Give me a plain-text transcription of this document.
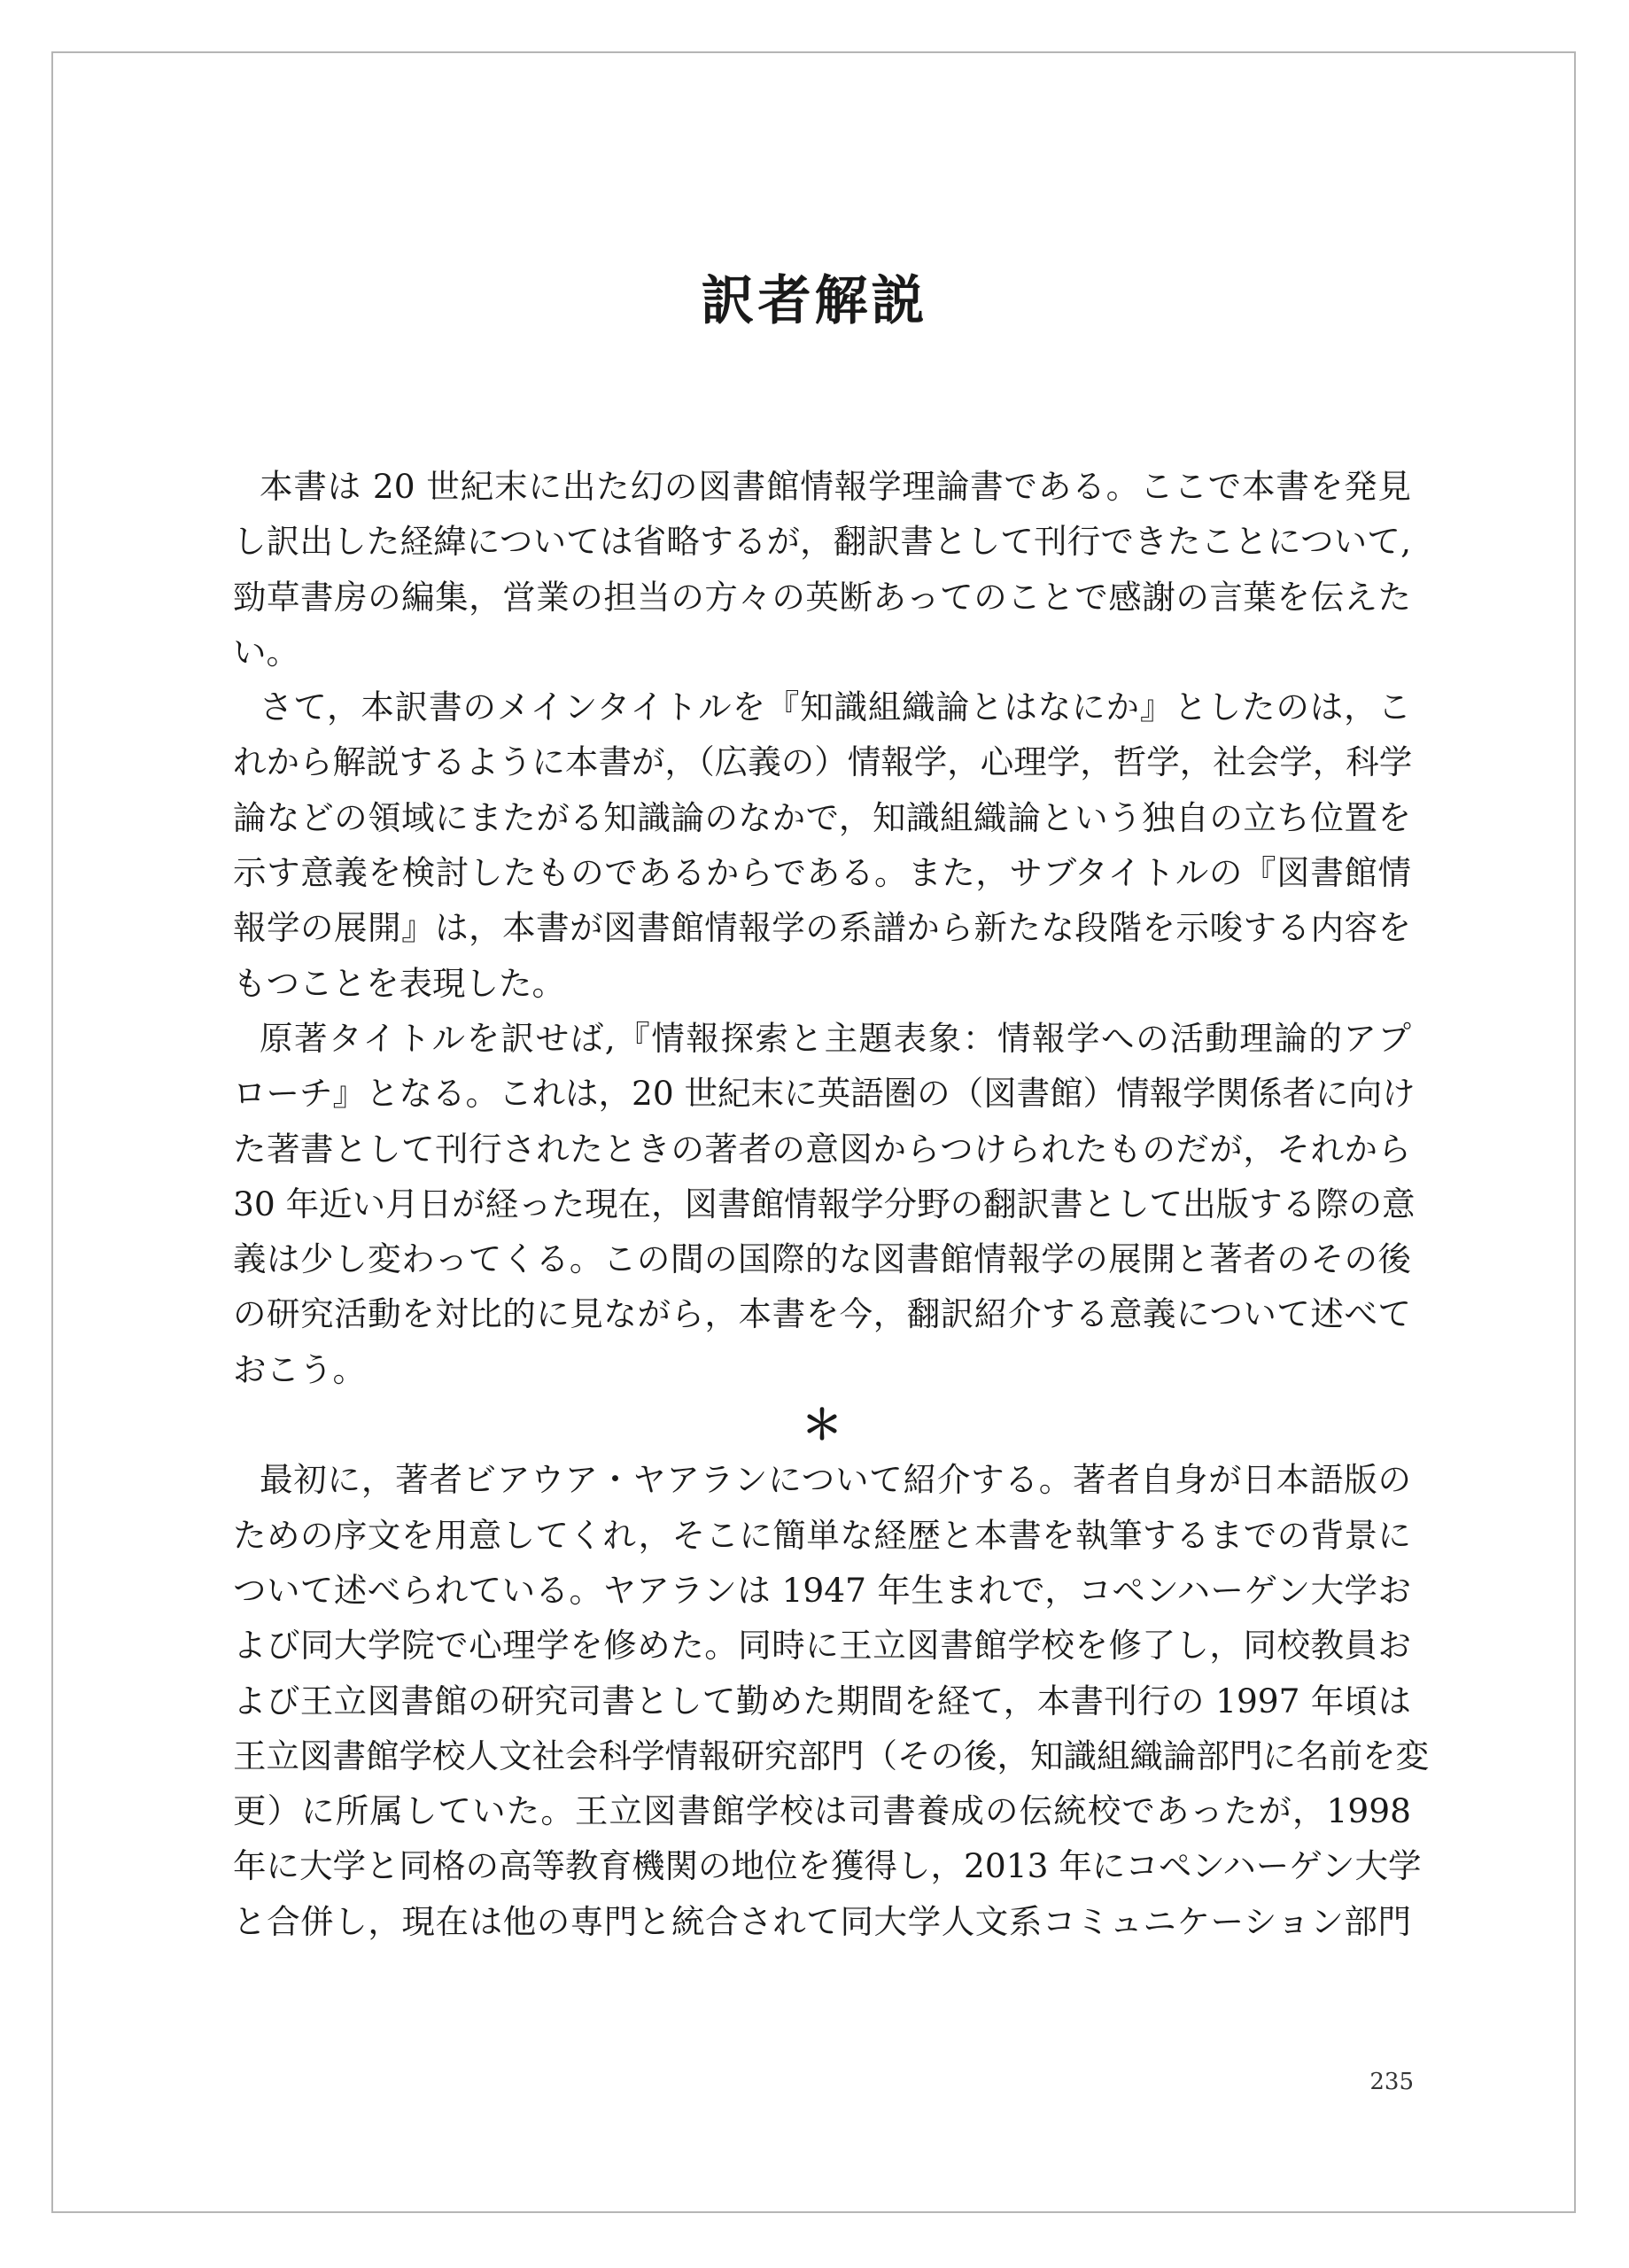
訳者解説
本書は 20 世紀末に出た幻の図書館情報学理論書である。ここで本書を発見
し訳出した経緯については省略するが，翻訳書として刊行できたことについて,
勁草書房の編集，営業の担当の方々の英断あってのことで感謝の言葉を伝えた
い。
さて，本訳書のメインタイトルを『知識組織論とはなにか』としたのは，こ
れから解説するように本書が，（広義の）情報学，心理学，哲学，社会学，科学
論などの領域にまたがる知識論のなかで，知識組織論という独自の立ち位置を
示す意義を検討したものであるからである。また，サブタイトルの『図書館情
報学の展開』は，本書が図書館情報学の系譜から新たな段階を示唆する内容を
もつことを表現した。
原著タイトルを訳せば,『情報探索と主題表象：情報学への活動理論的アプ
ローチ』となる。これは，20 世紀末に英語圏の（図書館）情報学関係者に向け
た著書として刊行されたときの著者の意図からつけられたものだが，それから
30 年近い月日が経った現在，図書館情報学分野の翻訳書として出版する際の意
義は少し変わってくる。この間の国際的な図書館情報学の展開と著者のその後
の研究活動を対比的に見ながら，本書を今，翻訳紹介する意義について述べて
おこう。
＊
最初に，著者ビアウア・ヤアランについて紹介する。著者自身が日本語版の
ための序文を用意してくれ，そこに簡単な経歴と本書を執筆するまでの背景に
ついて述べられている。ヤアランは 1947 年生まれで，コペンハーゲン大学お
よび同大学院で心理学を修めた。同時に王立図書館学校を修了し，同校教員お
よび王立図書館の研究司書として勤めた期間を経て，本書刊行の 1997 年頃は
王立図書館学校人文社会科学情報研究部門（その後，知識組織論部門に名前を変
更）に所属していた。王立図書館学校は司書養成の伝統校であったが，1998
年に大学と同格の高等教育機関の地位を獲得し，2013 年にコペンハーゲン大学
と合併し，現在は他の専門と統合されて同大学人文系コミュニケーション部門
235
